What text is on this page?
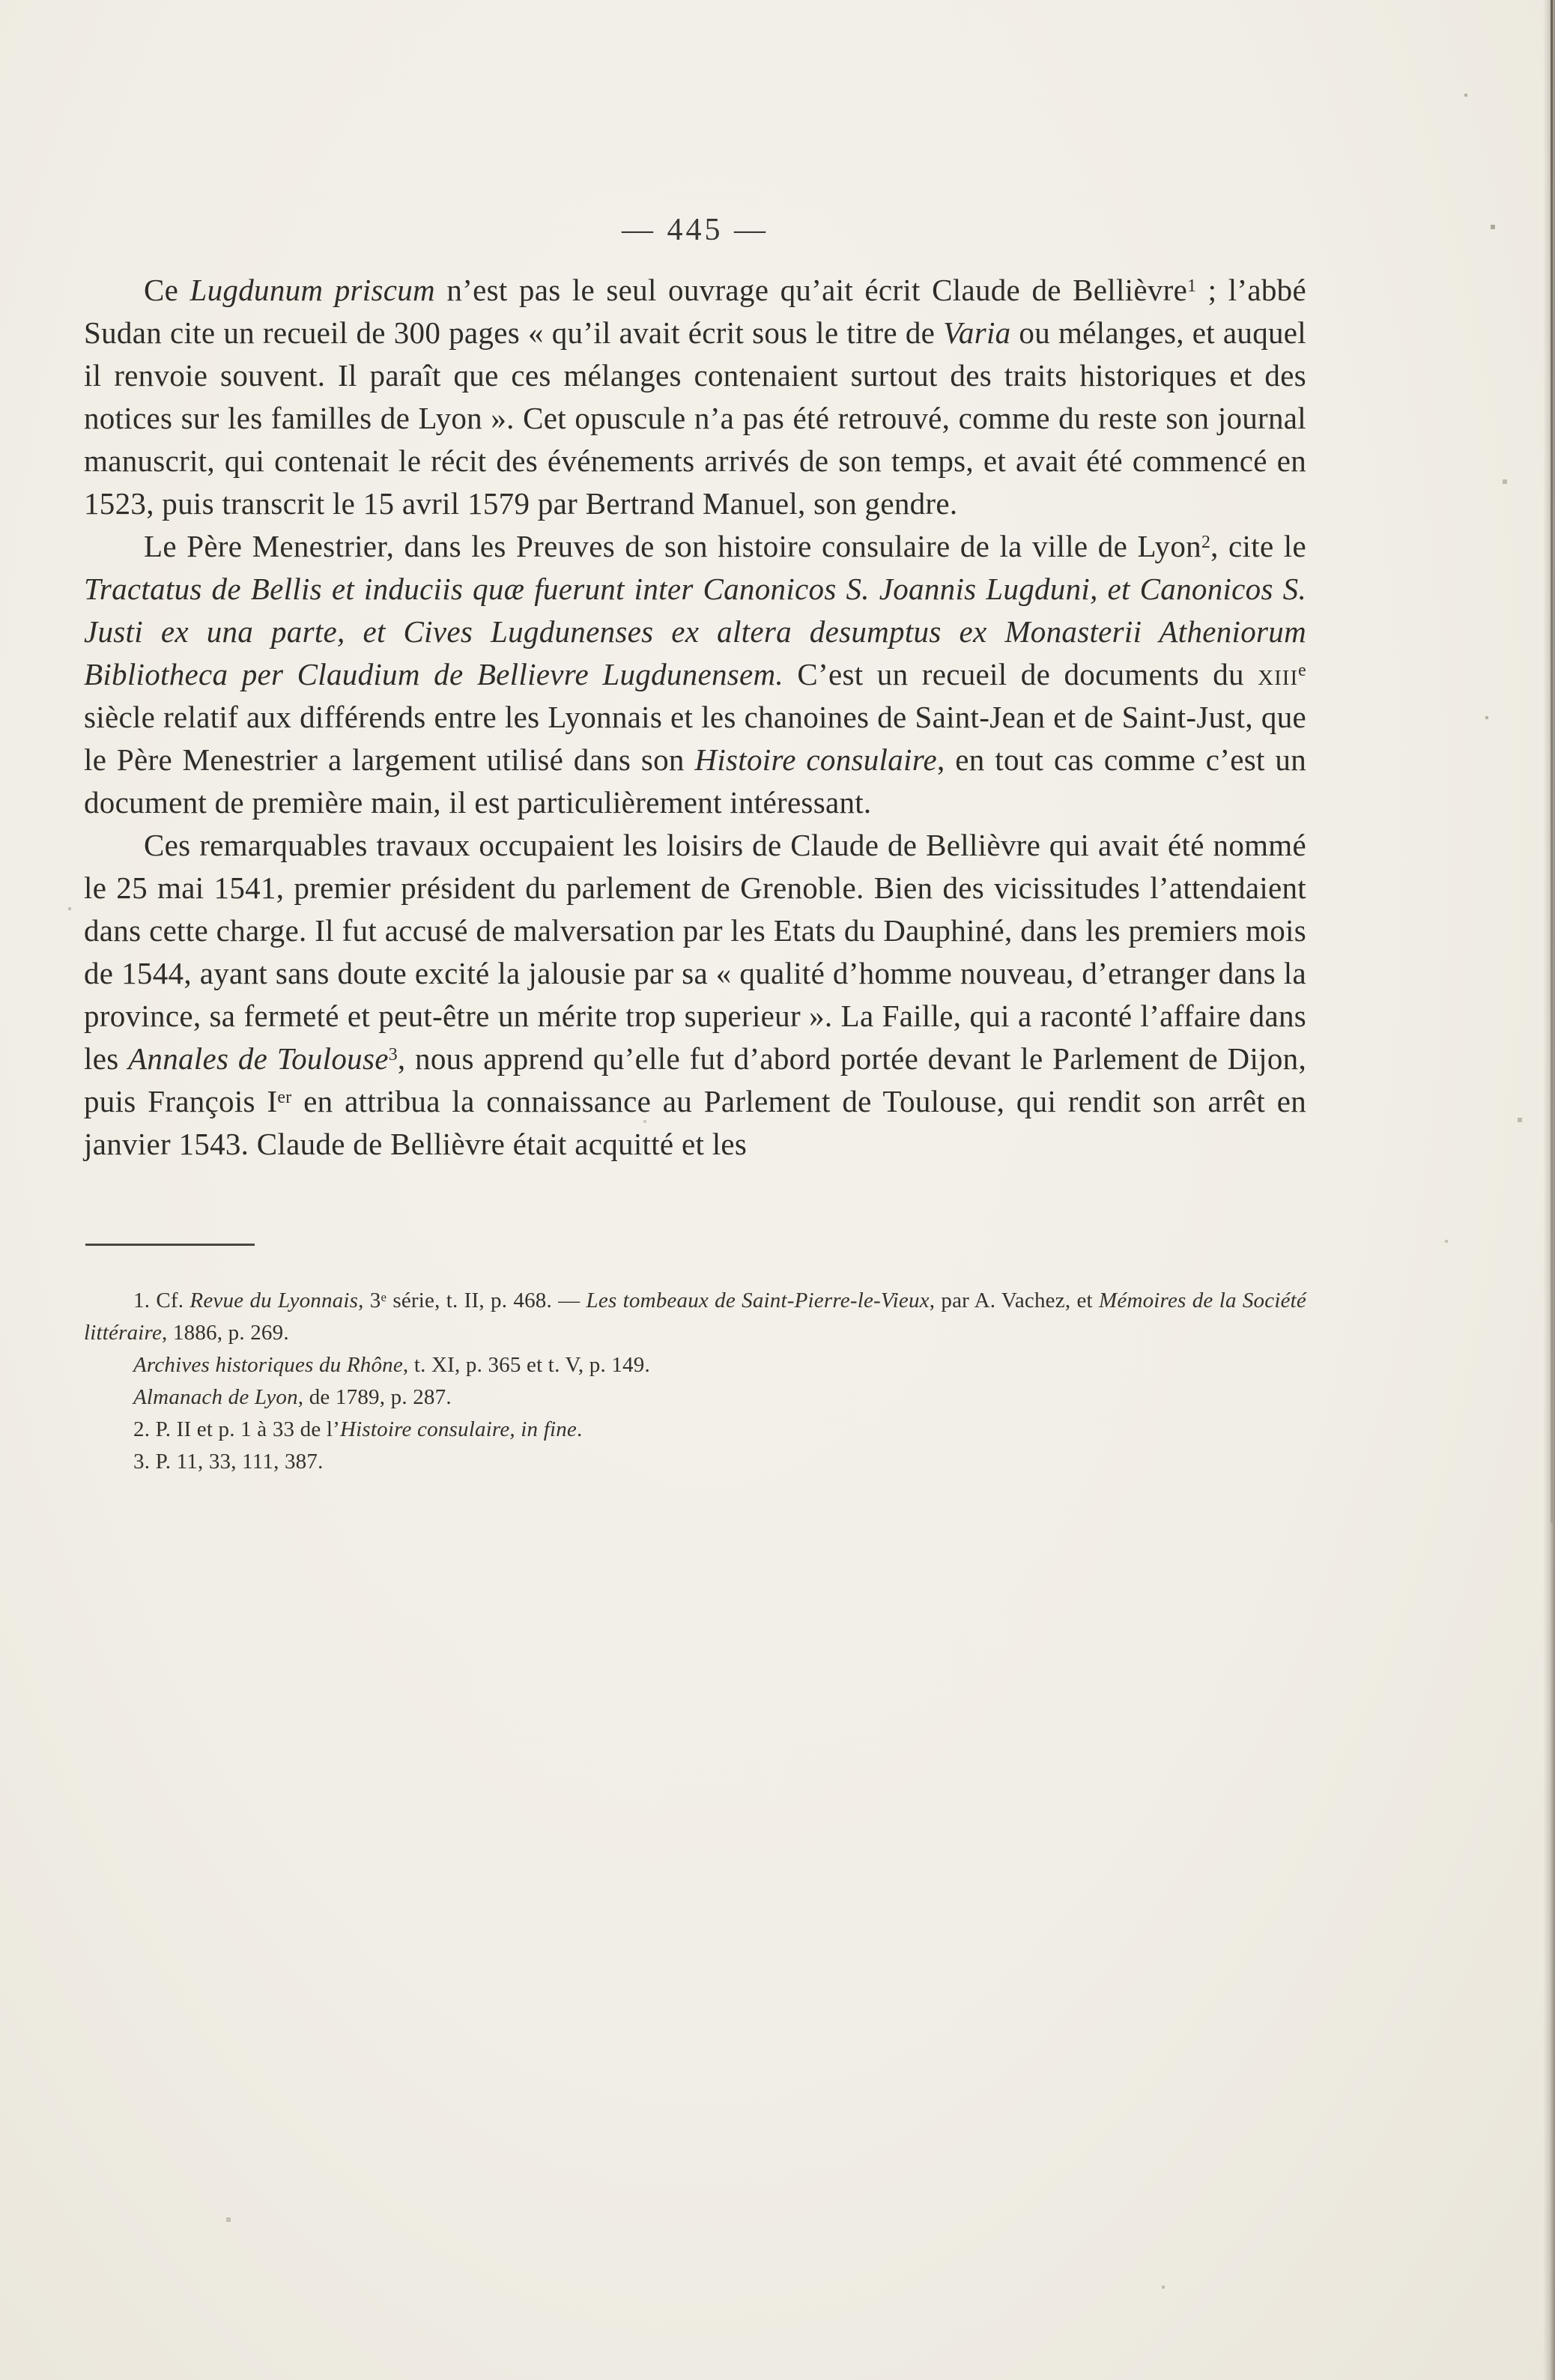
— 445 —

Ce Lugdunum priscum n’est pas le seul ouvrage qu’ait écrit Claude de Bellièvre$^1$ ; l’abbé Sudan cite un recueil de 300 pages « qu’il avait écrit sous le titre de Varia ou mélanges, et auquel il renvoie souvent. Il paraît que ces mélanges contenaient surtout des traits historiques et des notices sur les familles de Lyon ». Cet opuscule n’a pas été retrouvé, comme du reste son journal manuscrit, qui contenait le récit des événements arrivés de son temps, et avait été commencé en 1523, puis transcrit le 15 avril 1579 par Bertrand Manuel, son gendre.

Le Père Menestrier, dans les Preuves de son histoire consulaire de la ville de Lyon$^2$, cite le Tractatus de Bellis et induciis quæ fuerunt inter Canonicos S. Joannis Lugduni, et Canonicos S. Justi ex una parte, et Cives Lugdunenses ex altera desumptus ex Monasterii Atheniorum Bibliotheca per Claudium de Bellievre Lugdunensem. C’est un recueil de documents du xiii$^e$ siècle relatif aux différends entre les Lyonnais et les chanoines de Saint-Jean et de Saint-Just, que le Père Menestrier a largement utilisé dans son Histoire consulaire, en tout cas comme c’est un document de première main, il est particulièrement intéressant.

Ces remarquables travaux occupaient les loisirs de Claude de Bellièvre qui avait été nommé le 25 mai 1541, premier président du parlement de Grenoble. Bien des vicissitudes l’attendaient dans cette charge. Il fut accusé de malversation par les Etats du Dauphiné, dans les premiers mois de 1544, ayant sans doute excité la jalousie par sa « qualité d’homme nouveau, d’etranger dans la province, sa fermeté et peut-être un mérite trop superieur ». La Faille, qui a raconté l’affaire dans les Annales de Toulouse$^3$, nous apprend qu’elle fut d’abord portée devant le Parlement de Dijon, puis François Ier en attribua la connaissance au Parlement de Toulouse, qui rendit son arrêt en janvier 1543. Claude de Bellièvre était acquitté et les

1. Cf. Revue du Lyonnais, 3e série, t. II, p. 468. — Les tombeaux de Saint-Pierre-le-Vieux, par A. Vachez, et Mémoires de la Société littéraire, 1886, p. 269.

Archives historiques du Rhône, t. XI, p. 365 et t. V, p. 149.

Almanach de Lyon, de 1789, p. 287.

2. P. II et p. 1 à 33 de l’Histoire consulaire, in fine.

3. P. 11, 33, 111, 387.
